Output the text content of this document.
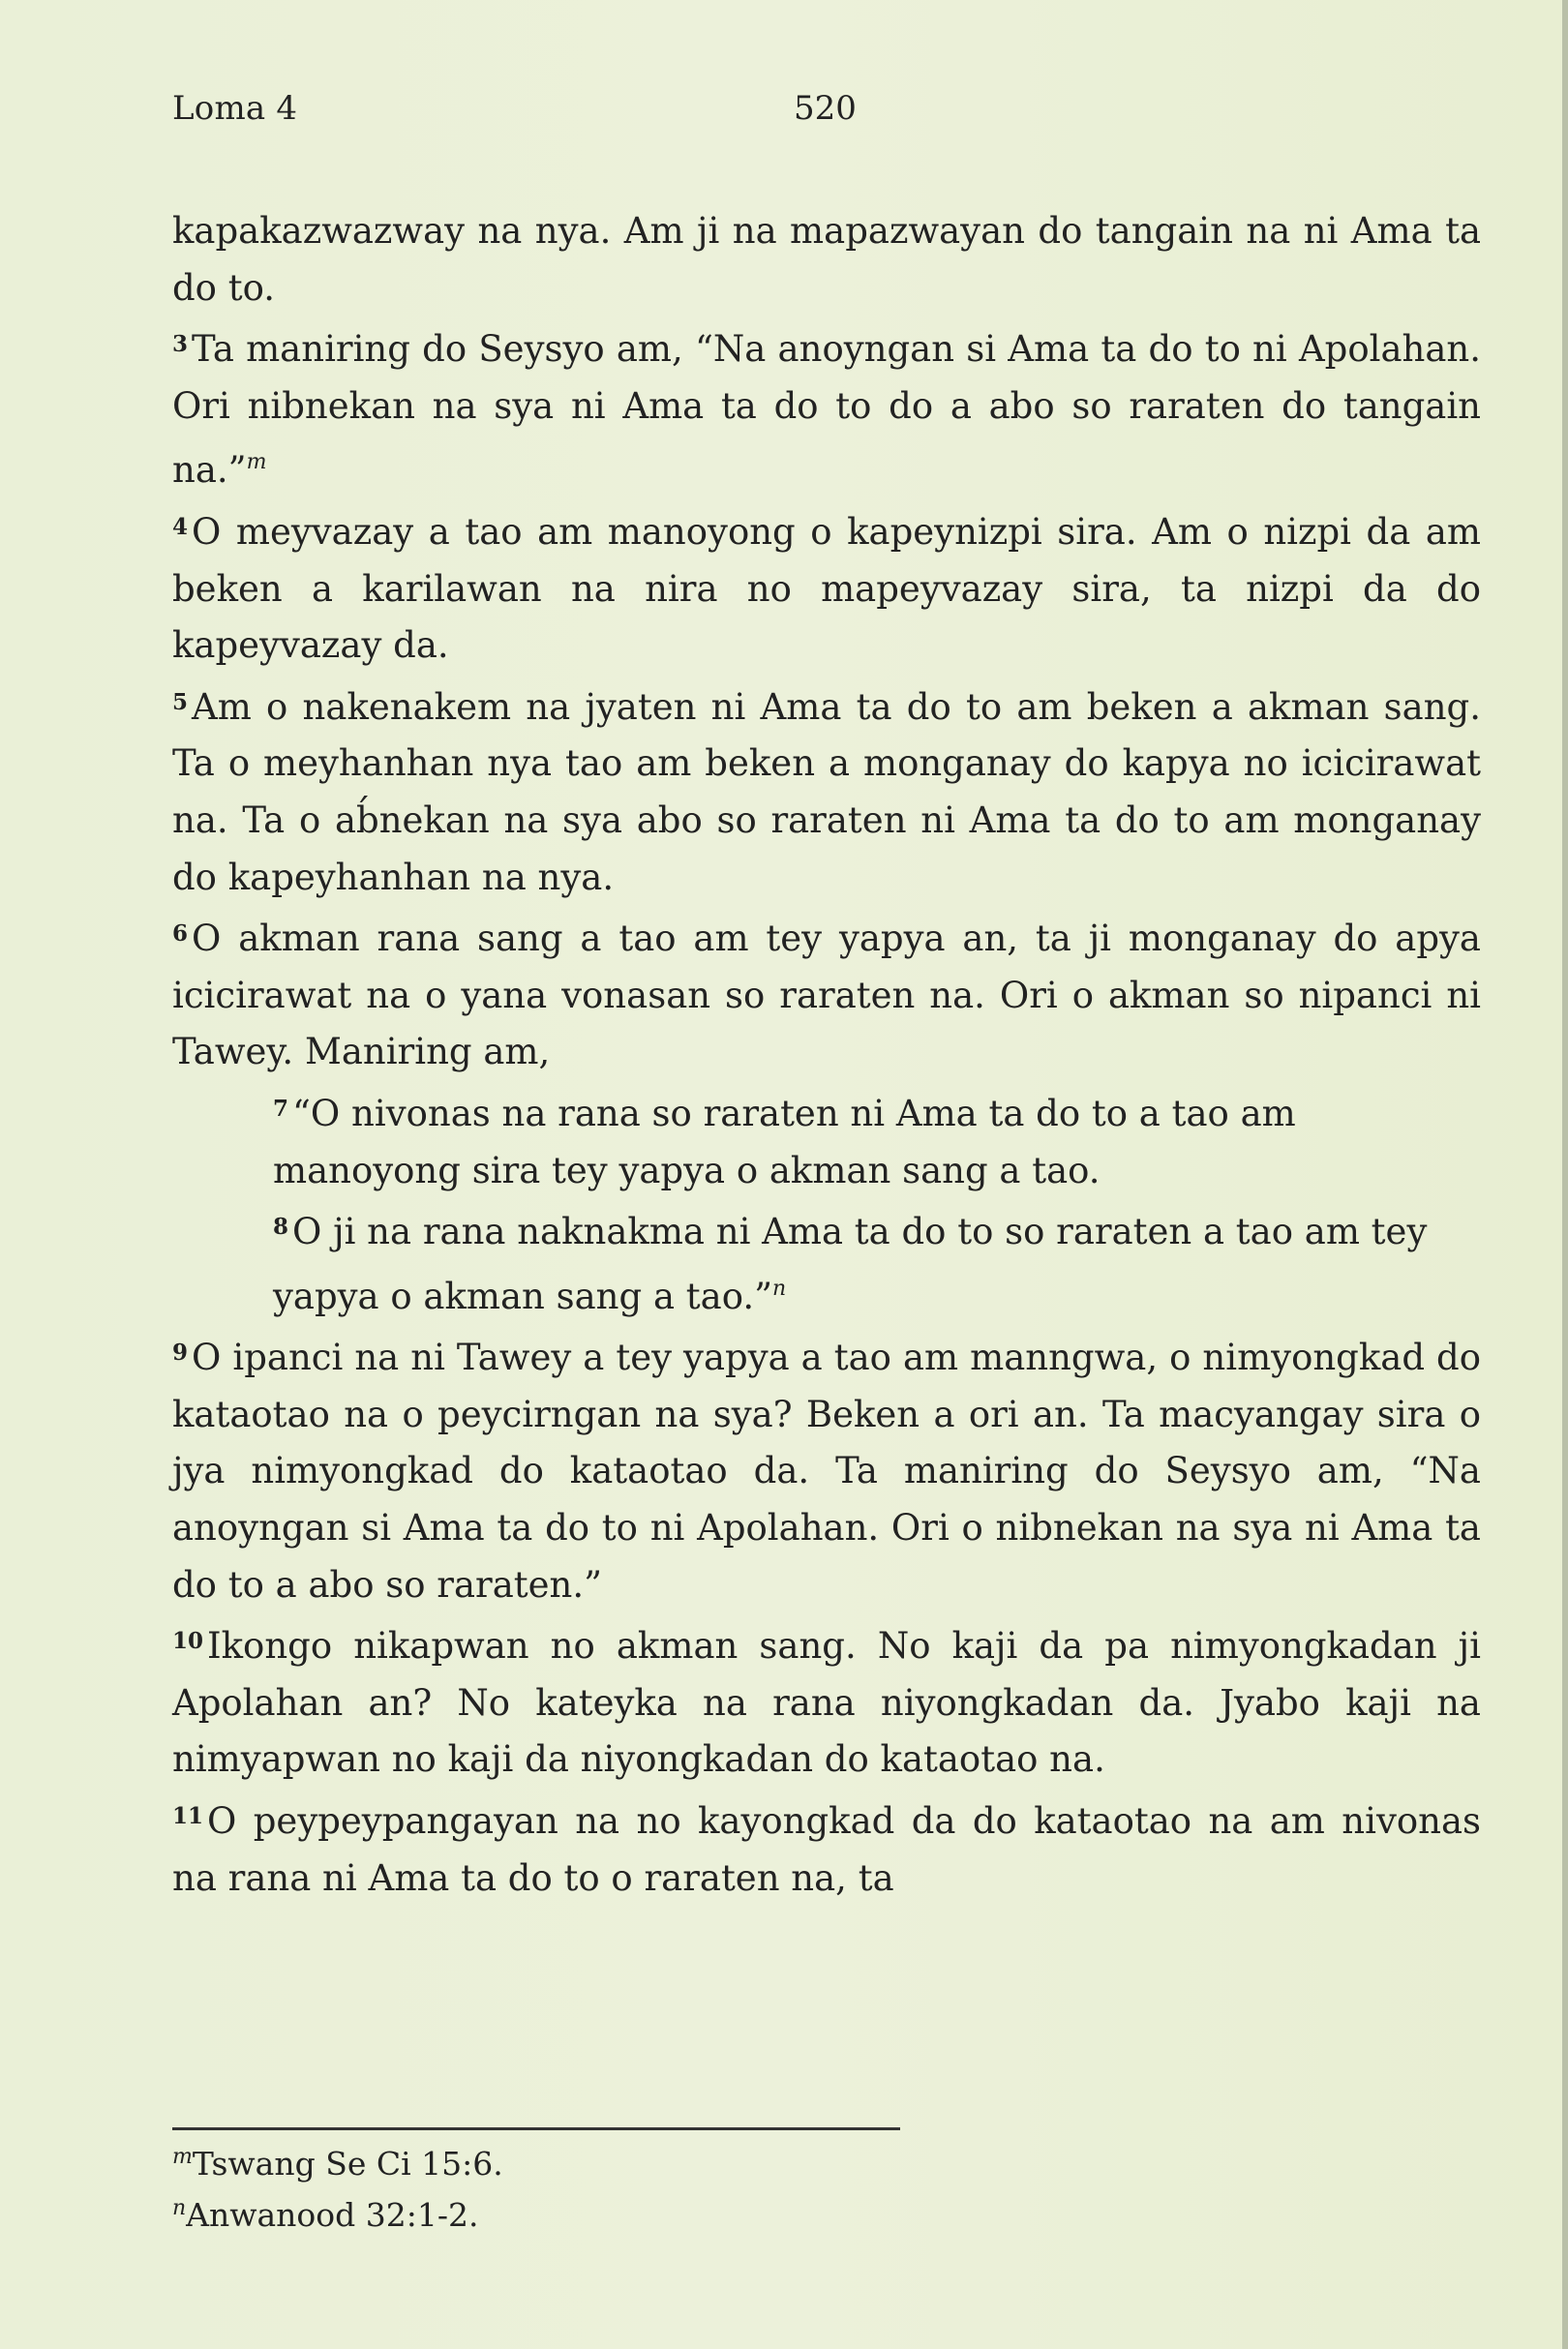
Loma 4	520

kapakazwazway na nya. Am ji na mapazwayan do tangain na ni Ama ta do to.

$^3$ Ta maniring do Seysyo am, “Na anoyngan si Ama ta do to ni Apolahan. Ori nibnekan na sya ni Ama ta do to do a abo so raraten do tangain na.”$^m$

$^4$ O meyvazay a tao am manoyong o kapeynizpi sira. Am o nizpi da am beken a karilawan na nira no mapeyvazay sira, ta nizpi da do kapeyvazay da.

$^5$ Am o nakenakem na jyaten ni Ama ta do to am beken a akman sang. Ta o meyhanhan nya tao am beken a monganay do kapya no icicirawat na. Ta o ab́nekan na sya abo so raraten ni Ama ta do to am monganay do kapeyhanhan na nya.

$^6$ O akman rana sang a tao am tey yapya an, ta ji monganay do apya icicirawat na o yana vonasan so raraten na. Ori o akman so nipanci ni Tawey. Maniring am,

$^7$ “O nivonas na rana so raraten ni Ama ta do to a tao am manoyong sira tey yapya o akman sang a tao.

$^8$ O ji na rana naknakma ni Ama ta do to so raraten a tao am tey yapya o akman sang a tao.”$^n$

$^9$ O ipanci na ni Tawey a tey yapya a tao am manngwa, o nimyongkad do kataotao na o peycirngan na sya? Beken a ori an. Ta macyangay sira o jya nimyongkad do kataotao da. Ta maniring do Seysyo am, “Na anoyngan si Ama ta do to ni Apolahan. Ori o nibnekan na sya ni Ama ta do to a abo so raraten.”

$^{10}$ Ikongo nikapwan no akman sang. No kaji da pa nimyongkadan ji Apolahan an? No kateyka na rana niyongkadan da. Jyabo kaji na nimyapwan no kaji da niyongkadan do kataotao na.

$^{11}$ O peypeypangayan na no kayongkad da do kataotao na am nivonas na rana ni Ama ta do to o raraten na, ta

$^m$Tswang Se Ci 15:6.
$^n$Anwanood 32:1-2.
